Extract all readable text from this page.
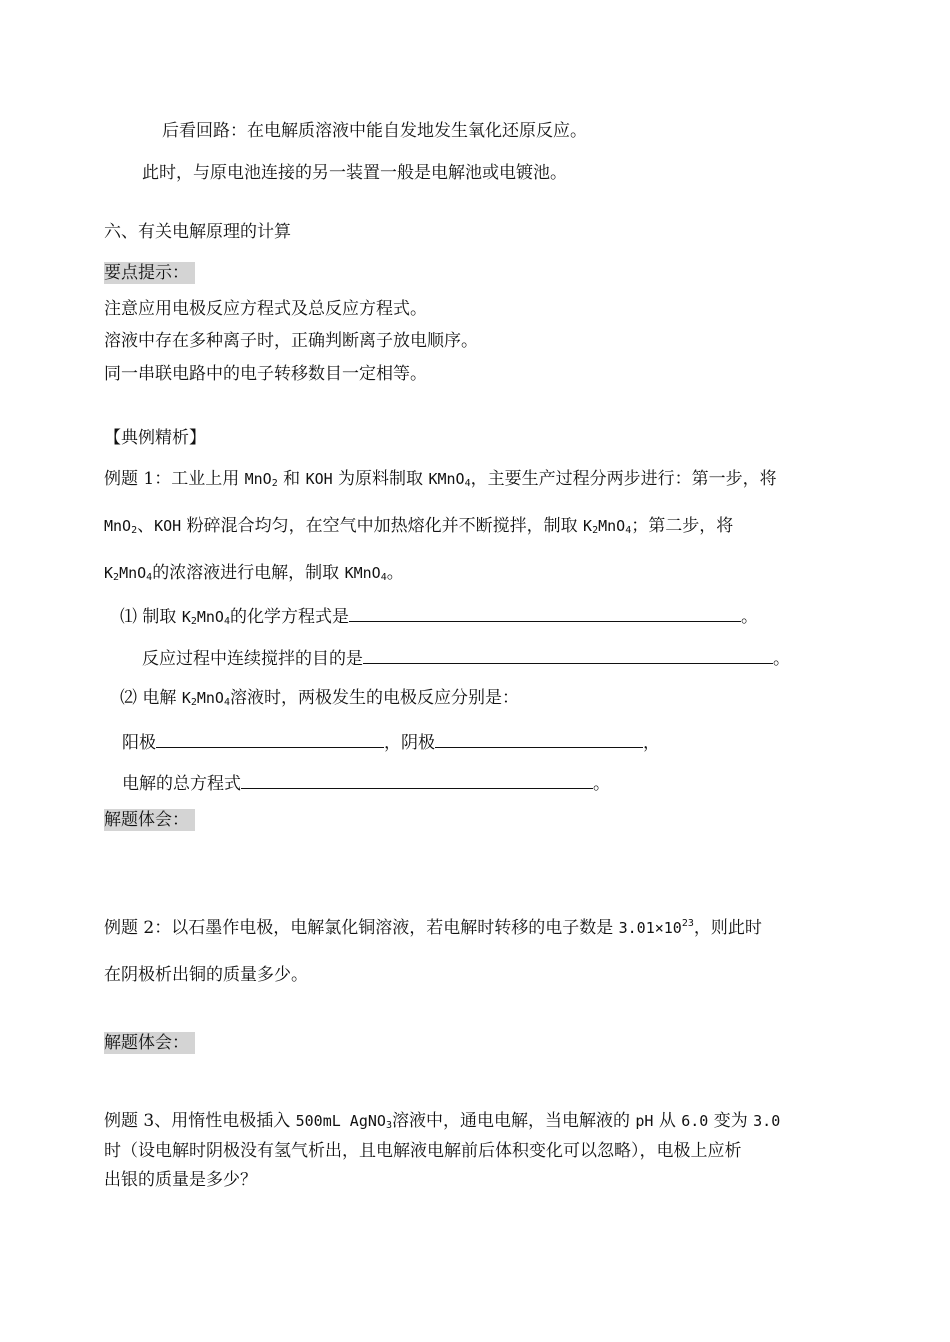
后看回路：在电解质溶液中能自发地发生氧化还原反应。
此时，与原电池连接的另一装置一般是电解池或电镀池。
六、有关电解原理的计算
要点提示：
注意应用电极反应方程式及总反应方程式。
溶液中存在多种离子时，正确判断离子放电顺序。
同一串联电路中的电子转移数目一定相等。
【典例精析】
例题 1：工业上用 MnO$_2$ 和 KOH 为原料制取 KMnO$_4$，主要生产过程分两步进行：第一步，将
MnO$_2$、KOH 粉碎混合均匀，在空气中加热熔化并不断搅拌，制取 $K_2MnO_4$；第二步，将
$K_2MnO_4$的浓溶液进行电解，制取 KMnO$_4$。
⑴ 制取 $K_2MnO_4$的化学方程式是	。
反应过程中连续搅拌的目的是	。
⑵ 电解 $K_2MnO_4$溶液时，两极发生的电极反应分别是：
阳极	，阴极	，
电解的总方程式	。
解题体会：
例题 2：以石墨作电极，电解氯化铜溶液，若电解时转移的电子数是 $3.01\times 10^{23}$，则此时
在阴极析出铜的质量多少。
解题体会：
例题 3、用惰性电极插入 500mL AgNO$_3$溶液中，通电电解，当电解液的 pH 从 6.0 变为 3.0
时（设电解时阴极没有氢气析出，且电解液电解前后体积变化可以忽略），电极上应析
出银的质量是多少？
